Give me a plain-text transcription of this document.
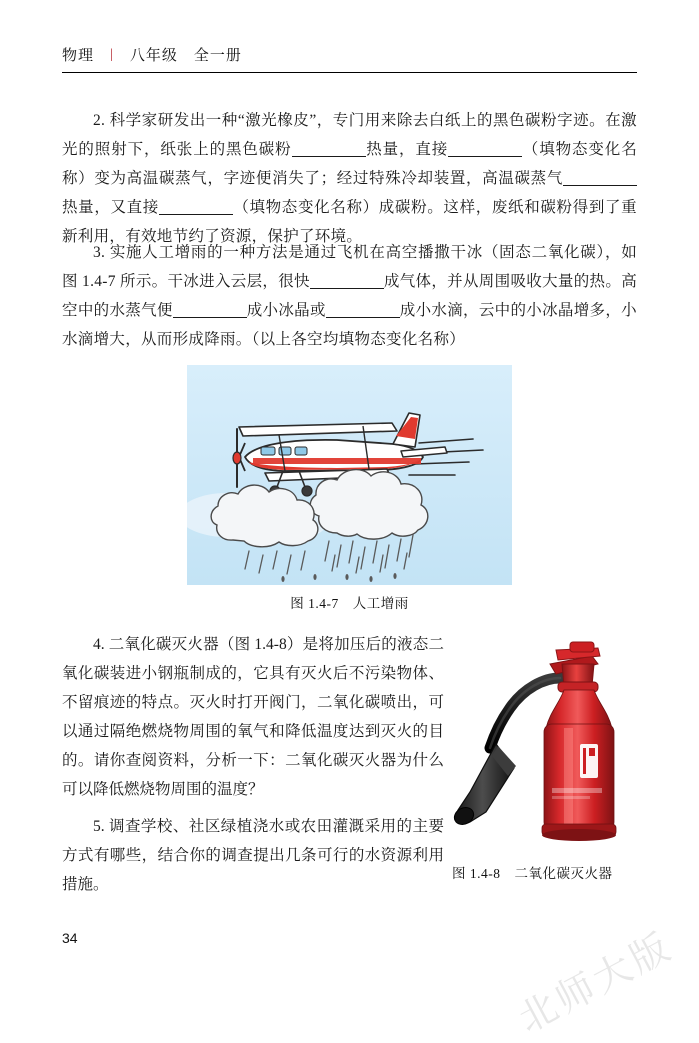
物理 | 八年级　全一册

2. 科学家研发出一种“激光橡皮”，专门用来除去白纸上的黑色碳粉字迹。在激光的照射下，纸张上的黑色碳粉	热量，直接	（填物态变化名称）变为高温碳蒸气，字迹便消失了；经过特殊冷却装置，高温碳蒸气热量，又直接	（填物态变化名称）成碳粉。这样，废纸和碳粉得到了重新利用，有效地节约了资源，保护了环境。

3. 实施人工增雨的一种方法是通过飞机在高空播撒干冰（固态二氧化碳），如图 1.4-7 所示。干冰进入云层，很快	成气体，并从周围吸收大量的热。高空中的水蒸气便	成小冰晶或	成小水滴，云中的小冰晶增多，小水滴增大，从而形成降雨。（以上各空均填物态变化名称）

图 1.4-7 人工增雨

4. 二氧化碳灭火器（图 1.4-8）是将加压后的液态二氧化碳装进小钢瓶制成的，它具有灭火后不污染物体、不留痕迹的特点。灭火时打开阀门，二氧化碳喷出，可以通过隔绝燃烧物周围的氧气和降低温度达到灭火的目的。请你查阅资料，分析一下：二氧化碳灭火器为什么可以降低燃烧物周围的温度？

5. 调查学校、社区绿植浇水或农田灌溉采用的主要方式有哪些，结合你的调查提出几条可行的水资源利用措施。

图 1.4-8 二氧化碳灭火器
34	北师大版
